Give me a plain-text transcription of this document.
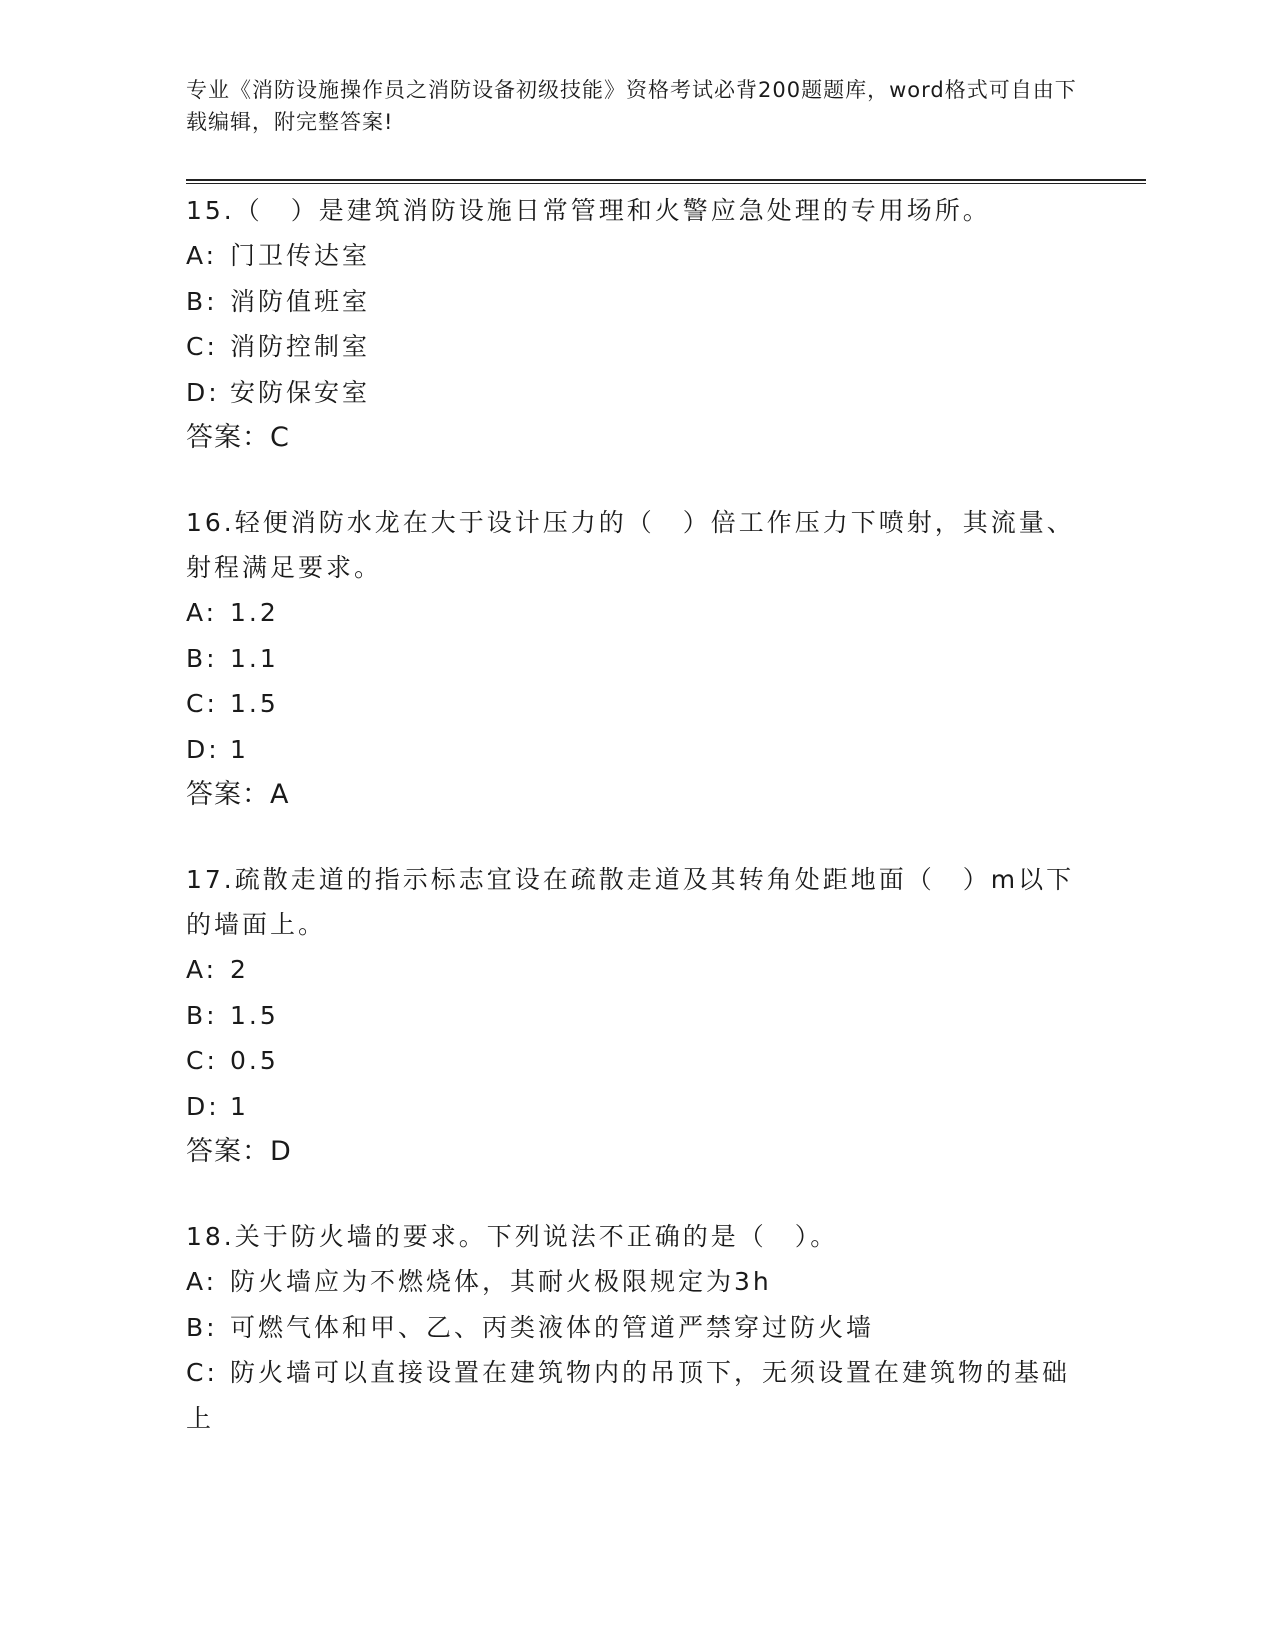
专业《消防设施操作员之消防设备初级技能》资格考试必背200题题库，word格式可自由下载编辑，附完整答案!
15.（　）是建筑消防设施日常管理和火警应急处理的专用场所。
A: 门卫传达室
B: 消防值班室
C: 消防控制室
D: 安防保安室
答案：C
16.轻便消防水龙在大于设计压力的（　）倍工作压力下喷射，其流量、射程满足要求。
A: 1.2
B: 1.1
C: 1.5
D: 1
答案：A
17.疏散走道的指示标志宜设在疏散走道及其转角处距地面（　）m以下的墙面上。
A: 2
B: 1.5
C: 0.5
D: 1
答案：D
18.关于防火墙的要求。下列说法不正确的是（　）。
A: 防火墙应为不燃烧体，其耐火极限规定为3h
B: 可燃气体和甲、乙、丙类液体的管道严禁穿过防火墙
C: 防火墙可以直接设置在建筑物内的吊顶下，无须设置在建筑物的基础上
